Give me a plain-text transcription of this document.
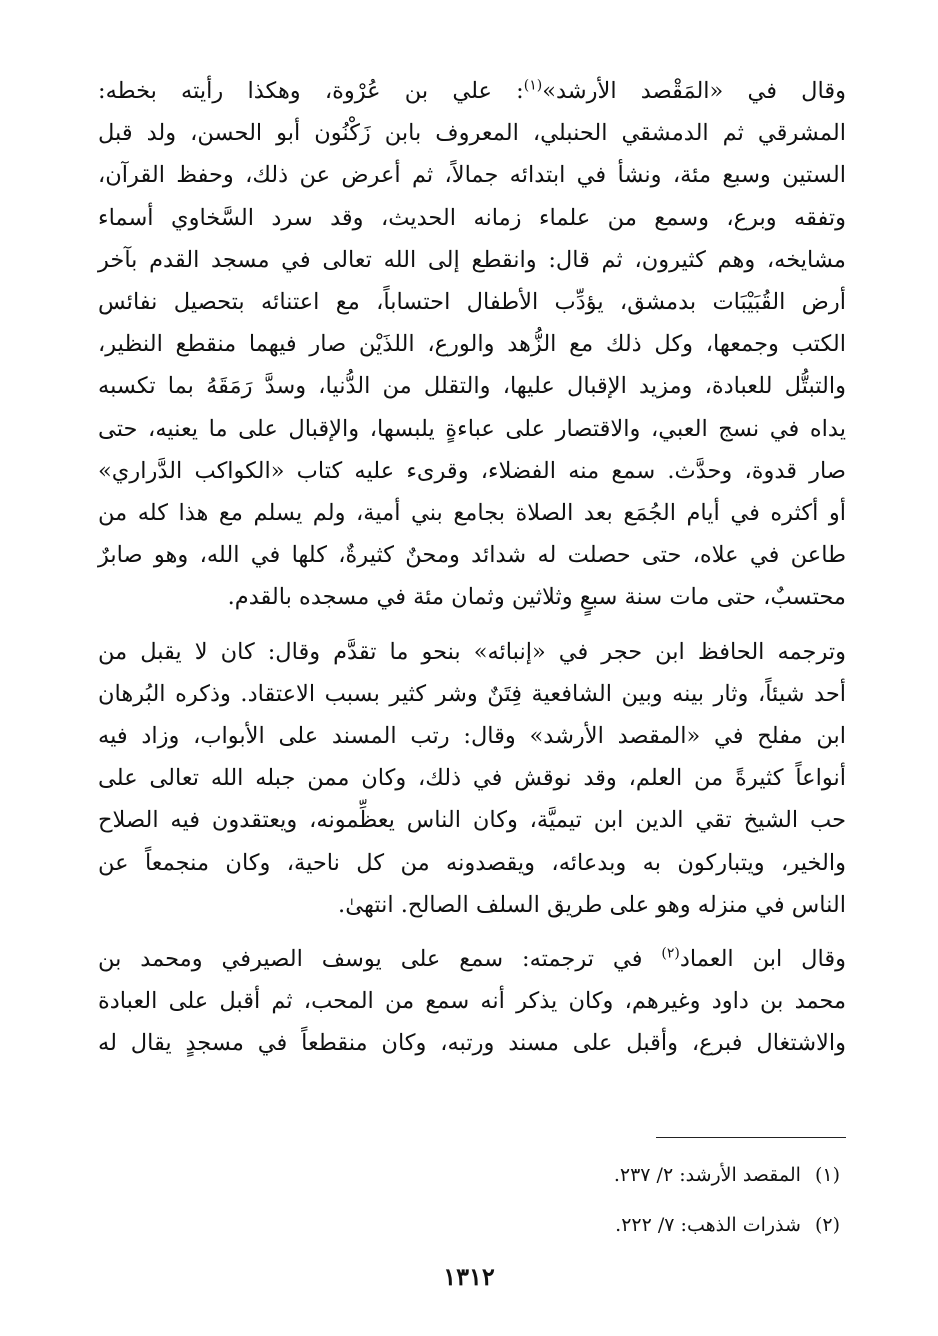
وقال في «المَقْصد الأرشد»$^{(١)}$: علي بن عُرْوة، وهكذا رأيته بخطه:
المشرقي ثم الدمشقي الحنبلي، المعروف بابن زَكْنُون أبو الحسن، ولد قبل
الستين وسبع مئة، ونشأ في ابتدائه جمالاً، ثم أعرض عن ذلك، وحفظ القرآن،
وتفقه وبرع، وسمع من علماء زمانه الحديث، وقد سرد السَّخاوي أسماء
مشايخه، وهم كثيرون، ثم قال: وانقطع إلى الله تعالى في مسجد القدم بآخر
أرض القُبَيْبَات بدمشق، يؤدِّب الأطفال احتساباً، مع اعتنائه بتحصيل نفائس
الكتب وجمعها، وكل ذلك مع الزُّهد والورع، اللذَيْن صار فيهما منقطع النظير،
والتبتُّل للعبادة، ومزيد الإقبال عليها، والتقلل من الدُّنيا، وسدَّ رَمَقَهُ بما تكسبه
يداه في نسج العبي، والاقتصار على عباءةٍ يلبسها، والإقبال على ما يعنيه، حتى
صار قدوة، وحدَّث. سمع منه الفضلاء، وقرىء عليه كتاب «الكواكب الدَّراري»
أو أكثره في أيام الجُمَع بعد الصلاة بجامع بني أمية، ولم يسلم مع هذا كله من
طاعن في علاه، حتى حصلت له شدائد ومحنٌ كثيرةٌ، كلها في الله، وهو صابرٌ
محتسبٌ، حتى مات سنة سبعٍ وثلاثين وثمان مئة في مسجده بالقدم.

وترجمه الحافظ ابن حجر في «إنبائه» بنحو ما تقدَّم وقال: كان لا يقبل من
أحد شيئاً، وثار بينه وبين الشافعية فِتَنٌ وشر كثير بسبب الاعتقاد. وذكره البُرهان
ابن مفلح في «المقصد الأرشد» وقال: رتب المسند على الأبواب، وزاد فيه
أنواعاً كثيرةً من العلم، وقد نوقش في ذلك، وكان ممن جبله الله تعالى على
حب الشيخ تقي الدين ابن تيميَّة، وكان الناس يعظِّمونه، ويعتقدون فيه الصلاح
والخير، ويتباركون به وبدعائه، ويقصدونه من كل ناحية، وكان منجمعاً عن
الناس في منزله وهو على طريق السلف الصالح. انتهىٰ.

وقال ابن العماد$^{(٢)}$ في ترجمته: سمع على يوسف الصيرفي ومحمد بن
محمد بن داود وغيرهم، وكان يذكر أنه سمع من المحب، ثم أقبل على العبادة
والاشتغال فبرع، وأقبل على مسند ورتبه، وكان منقطعاً في مسجدٍ يقال له

(١)المقصد الأرشد: ٢/ ٢٣٧.
(٢)شذرات الذهب: ٧/ ٢٢٢.
١٣١٢
